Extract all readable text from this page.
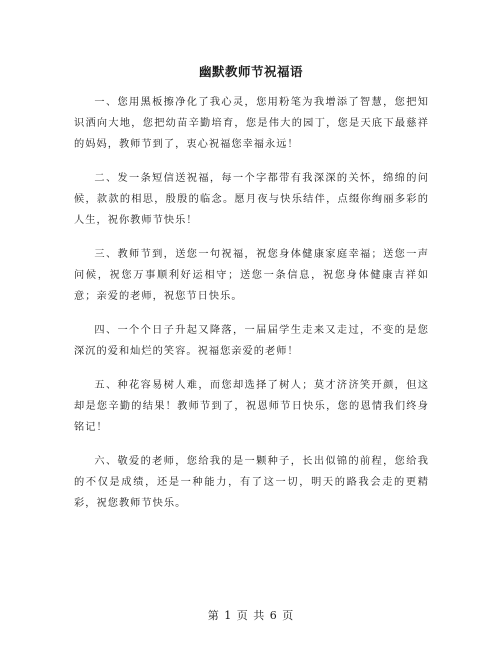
幽默教师节祝福语

一、您用黑板擦净化了我心灵，您用粉笔为我增添了智慧，您把知识洒向大地，您把幼苗辛勤培育，您是伟大的园丁，您是天底下最慈祥的妈妈，教师节到了，衷心祝福您幸福永远！

二、发一条短信送祝福，每一个字都带有我深深的关怀，绵绵的问候，款款的相思，殷殷的临念。愿月夜与快乐结伴，点缀你绚丽多彩的人生，祝你教师节快乐！

三、教师节到，送您一句祝福，祝您身体健康家庭幸福；送您一声问候，祝您万事顺利好运相守；送您一条信息，祝您身体健康吉祥如意；亲爱的老师，祝您节日快乐。

四、一个个日子升起又降落，一届届学生走来又走过，不变的是您深沉的爱和灿烂的笑容。祝福您亲爱的老师！

五、种花容易树人难，而您却选择了树人；莫才济济笑开颜，但这却是您辛勤的结果！教师节到了，祝恩师节日快乐，您的恩情我们终身铭记！

六、敬爱的老师，您给我的是一颗种子，长出似锦的前程，您给我的不仅是成绩，还是一种能力，有了这一切，明天的路我会走的更精彩，祝您教师节快乐。

第 1 页 共 6 页
